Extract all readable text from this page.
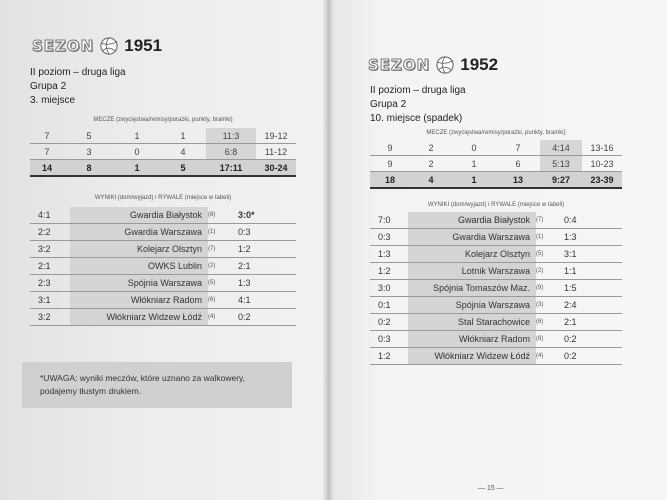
SEZON 1951
II poziom – druga liga
Grupa 2
3. miejsce
MECZE (zwycięstwa/remisy/porażki, punkty, bramki)
7	5	1	1	11:3	19-12
7	3	0	4	6:8	11-12
14	8	1	5	17:11	30-24
WYNIKI (dom/wyjazd) i RYWALE (miejsce w tabeli)
4:1	Gwardia Białystok	(8)	3:0*
2:2	Gwardia Warszawa	(1)	0:3
3:2	Kolejarz Olsztyn	(7)	1:2
2:1	OWKS Lublin	(2)	2:1
2:3	Spójnia Warszawa	(5)	1:3
3:1	Włókniarz Radom	(6)	4:1
3:2	Włókniarz Widzew Łódź	(4)	0:2
*UWAGA: wyniki meczów, które uznano za walkowery, podajemy tłustym drukiem.
SEZON 1952
II poziom – druga liga
Grupa 2
10. miejsce (spadek)
MECZE (zwycięstwa/remisy/porażki, punkty, bramki)
9	2	0	7	4:14	13-16
9	2	1	6	5:13	10-23
18	4	1	13	9:27	23-39
WYNIKI (dom/wyjazd) i RYWALE (miejsce w tabeli)
7:0	Gwardia Białystok	(7)	0:4
0:3	Gwardia Warszawa	(1)	1:3
1:3	Kolejarz Olsztyn	(5)	3:1
1:2	Lotnik Warszawa	(2)	1:1
3:0	Spójnia Tomaszów Maz.	(9)	1:5
0:1	Spójnia Warszawa	(3)	2:4
0:2	Stal Starachowice	(6)	2:1
0:3	Włókniarz Radom	(8)	0:2
1:2	Włókniarz Widzew Łódź	(4)	0:2
— 15 —
